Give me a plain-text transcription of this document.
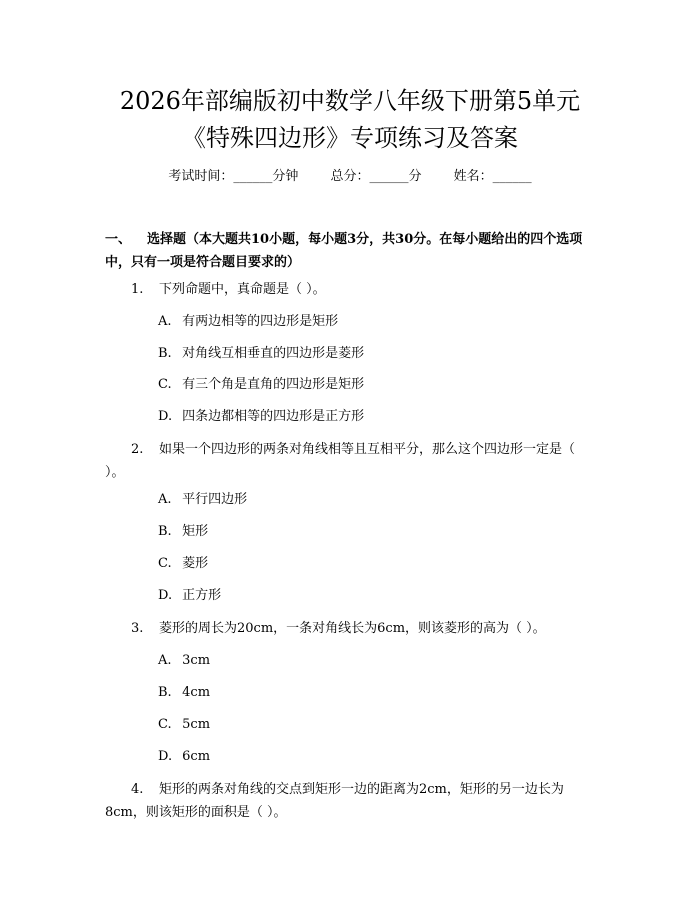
2026年部编版初中数学八年级下册第5单元
《特殊四边形》专项练习及答案
考试时间：______分钟 总分：______分 姓名：______
一、 选择题（本大题共10小题，每小题3分，共30分。在每小题给出的四个选项中，只有一项是符合题目要求的）
1. 下列命题中，真命题是（ ）。
A. 有两边相等的四边形是矩形
B. 对角线互相垂直的四边形是菱形
C. 有三个角是直角的四边形是矩形
D. 四条边都相等的四边形是正方形
2. 如果一个四边形的两条对角线相等且互相平分，那么这个四边形一定是（ ）。
A. 平行四边形
B. 矩形
C. 菱形
D. 正方形
3. 菱形的周长为20cm，一条对角线长为6cm，则该菱形的高为（ ）。
A. 3cm
B. 4cm
C. 5cm
D. 6cm
4. 矩形的两条对角线的交点到矩形一边的距离为2cm，矩形的另一边长为8cm，则该矩形的面积是（ ）。
